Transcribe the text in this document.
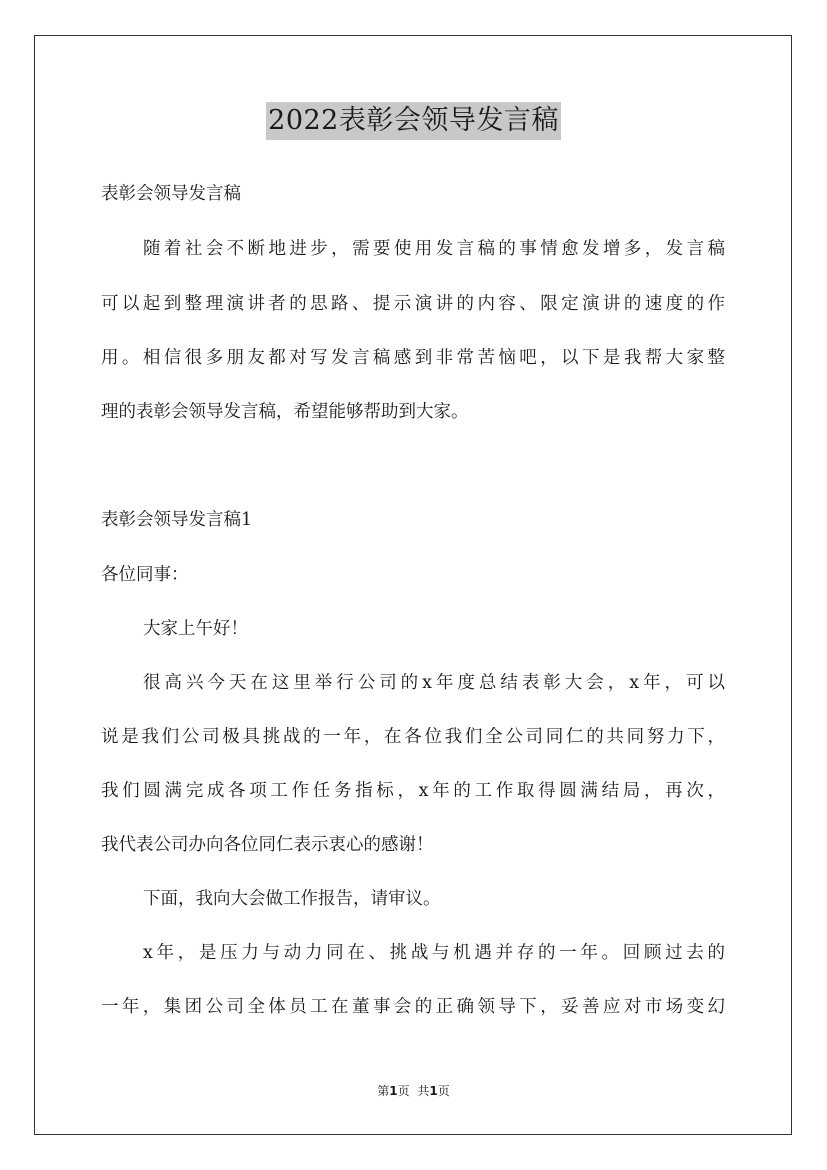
2022表彰会领导发言稿
表彰会领导发言稿
随着社会不断地进步，需要使用发言稿的事情愈发增多，发言稿
可以起到整理演讲者的思路、提示演讲的内容、限定演讲的速度的作
用。相信很多朋友都对写发言稿感到非常苦恼吧，以下是我帮大家整
理的表彰会领导发言稿，希望能够帮助到大家。
表彰会领导发言稿1
各位同事：
大家上午好！
很高兴今天在这里举行公司的x年度总结表彰大会，x年，可以
说是我们公司极具挑战的一年，在各位我们全公司同仁的共同努力下，
我们圆满完成各项工作任务指标，x年的工作取得圆满结局，再次，
我代表公司办向各位同仁表示衷心的感谢！
下面，我向大会做工作报告，请审议。
x年，是压力与动力同在、挑战与机遇并存的一年。回顾过去的
一年，集团公司全体员工在董事会的正确领导下，妥善应对市场变幻
第1页 共1页
